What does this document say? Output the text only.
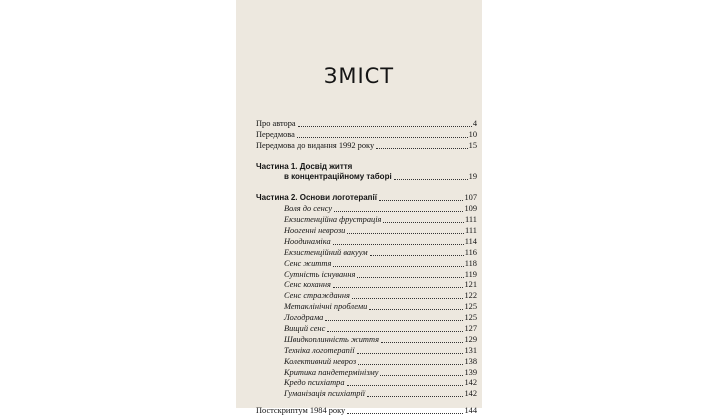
ЗМІСТ
Про автора	4
Передмова	10
Передмова до видання 1992 року	15
Частина 1. Досвід життя
в концентраційному таборі	19
Частина 2. Основи логотерапії	107
Воля до сенсу	109
Екзистенційна фрустрація	111
Ноогенні неврози	111
Ноодинаміка	114
Екзистенційний вакуум	116
Сенс життя	118
Сутність існування	119
Сенс кохання	121
Сенс страждання	122
Метаклінічні проблеми	125
Логодрама	125
Вищий сенс	127
Швидкоплинність життя	129
Техніка логотерапії	131
Колективний невроз	138
Критика пандетермінізму	139
Кредо психіатра	142
Гуманізація психіатрії	142
Постскриптум 1984 року	144
